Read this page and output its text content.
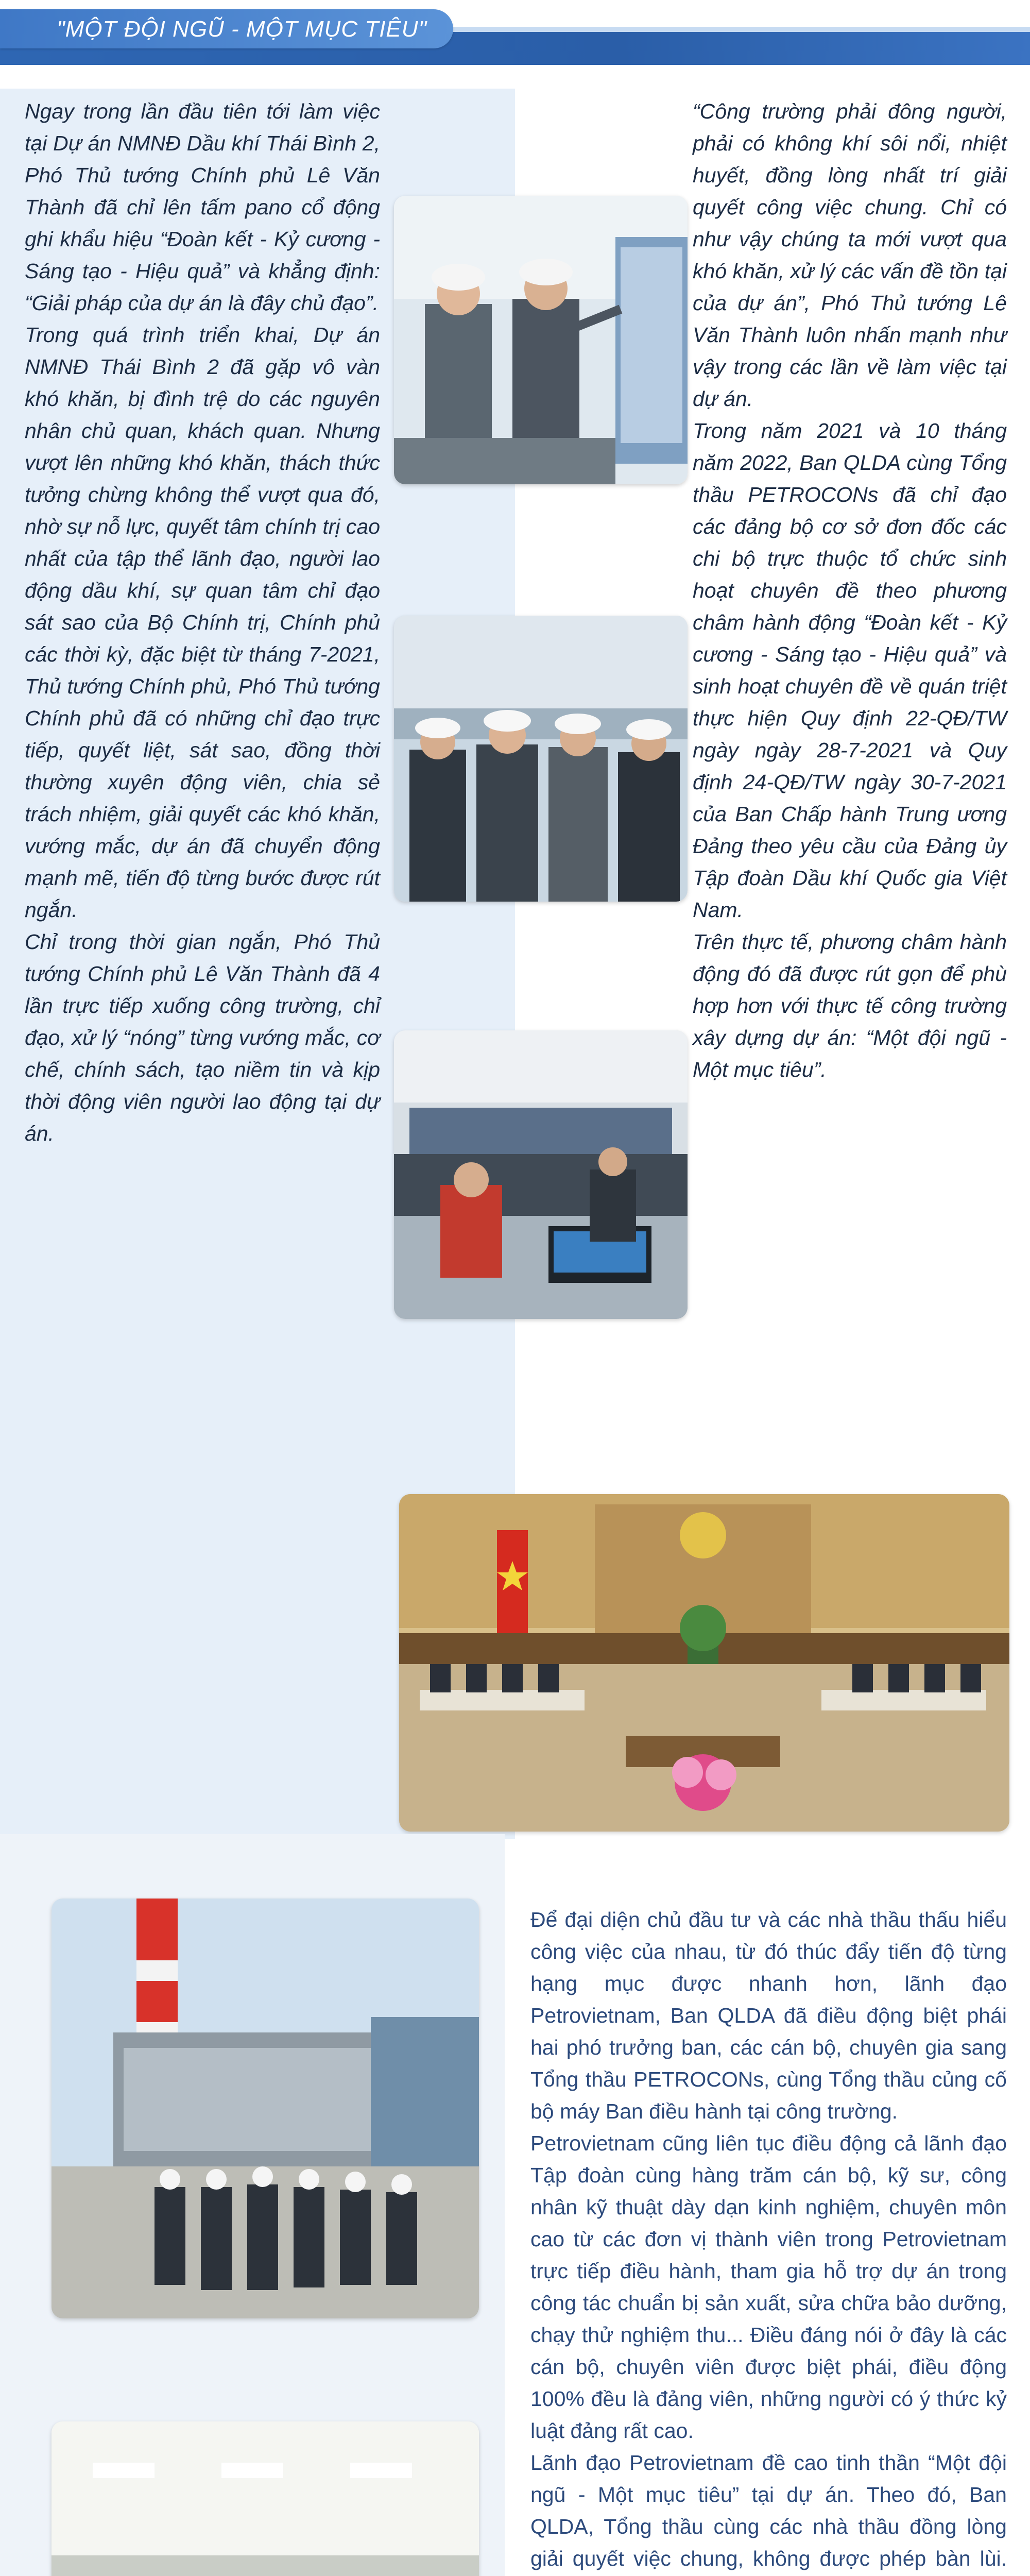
"MỘT ĐỘI NGŨ - MỘT MỤC TIÊU"

Ngay trong lần đầu tiên tới làm việc tại Dự án NMNĐ Dầu khí Thái Bình 2, Phó Thủ tướng Chính phủ Lê Văn Thành đã chỉ lên tấm pano cổ động ghi khẩu hiệu “Đoàn kết - Kỷ cương - Sáng tạo - Hiệu quả” và khẳng định: “Giải pháp của dự án là đây chủ đạo”.

Trong quá trình triển khai, Dự án NMNĐ Thái Bình 2 đã gặp vô vàn khó khăn, bị đình trệ do các nguyên nhân chủ quan, khách quan. Nhưng vượt lên những khó khăn, thách thức tưởng chừng không thể vượt qua đó, nhờ sự nỗ lực, quyết tâm chính trị cao nhất của tập thể lãnh đạo, người lao động dầu khí, sự quan tâm chỉ đạo sát sao của Bộ Chính trị, Chính phủ các thời kỳ, đặc biệt từ tháng 7-2021, Thủ tướng Chính phủ, Phó Thủ tướng Chính phủ đã có những chỉ đạo trực tiếp, quyết liệt, sát sao, đồng thời thường xuyên động viên, chia sẻ trách nhiệm, giải quyết các khó khăn, vướng mắc, dự án đã chuyển động mạnh mẽ, tiến độ từng bước được rút ngắn.

Chỉ trong thời gian ngắn, Phó Thủ tướng Chính phủ Lê Văn Thành đã 4 lần trực tiếp xuống công trường, chỉ đạo, xử lý “nóng” từng vướng mắc, cơ chế, chính sách, tạo niềm tin và kịp thời động viên người lao động tại dự án.

“Công trường phải đông người, phải có không khí sôi nổi, nhiệt huyết, đồng lòng nhất trí giải quyết công việc chung. Chỉ có như vậy chúng ta mới vượt qua khó khăn, xử lý các vấn đề tồn tại của dự án”, Phó Thủ tướng Lê Văn Thành luôn nhấn mạnh như vậy trong các lần về làm việc tại dự án.

Trong năm 2021 và 10 tháng năm 2022, Ban QLDA cùng Tổng thầu PETROCONs đã chỉ đạo các đảng bộ cơ sở đơn đốc các chi bộ trực thuộc tổ chức sinh hoạt chuyên đề theo phương châm hành động “Đoàn kết - Kỷ cương - Sáng tạo - Hiệu quả” và sinh hoạt chuyên đề về quán triệt thực hiện Quy định 22-QĐ/TW ngày ngày 28-7-2021 và Quy định 24-QĐ/TW ngày 30-7-2021 của Ban Chấp hành Trung ương Đảng theo yêu cầu của Đảng ủy Tập đoàn Dầu khí Quốc gia Việt Nam.

Trên thực tế, phương châm hành động đó đã được rút gọn để phù hợp hơn với thực tế công trường xây dựng dự án: “Một đội ngũ - Một mục tiêu”.

Để đại diện chủ đầu tư và các nhà thầu thấu hiểu công việc của nhau, từ đó thúc đẩy tiến độ từng hạng mục được nhanh hơn, lãnh đạo Petrovietnam, Ban QLDA đã điều động biệt phái hai phó trưởng ban, các cán bộ, chuyên gia sang Tổng thầu PETROCONs, cùng Tổng thầu củng cố bộ máy Ban điều hành tại công trường.

Petrovietnam cũng liên tục điều động cả lãnh đạo Tập đoàn cùng hàng trăm cán bộ, kỹ sư, công nhân kỹ thuật dày dạn kinh nghiệm, chuyên môn cao từ các đơn vị thành viên trong Petrovietnam trực tiếp điều hành, tham gia hỗ trợ dự án trong công tác chuẩn bị sản xuất, sửa chữa bảo dưỡng, chạy thử nghiệm thu... Điều đáng nói ở đây là các cán bộ, chuyên viên được biệt phái, điều động 100% đều là đảng viên, những người có ý thức kỷ luật đảng rất cao.

Lãnh đạo Petrovietnam đề cao tinh thần “Một đội ngũ - Một mục tiêu” tại dự án. Theo đó, Ban QLDA, Tổng thầu cùng các nhà thầu đồng lòng giải quyết việc chung, không được phép bàn lùi.
